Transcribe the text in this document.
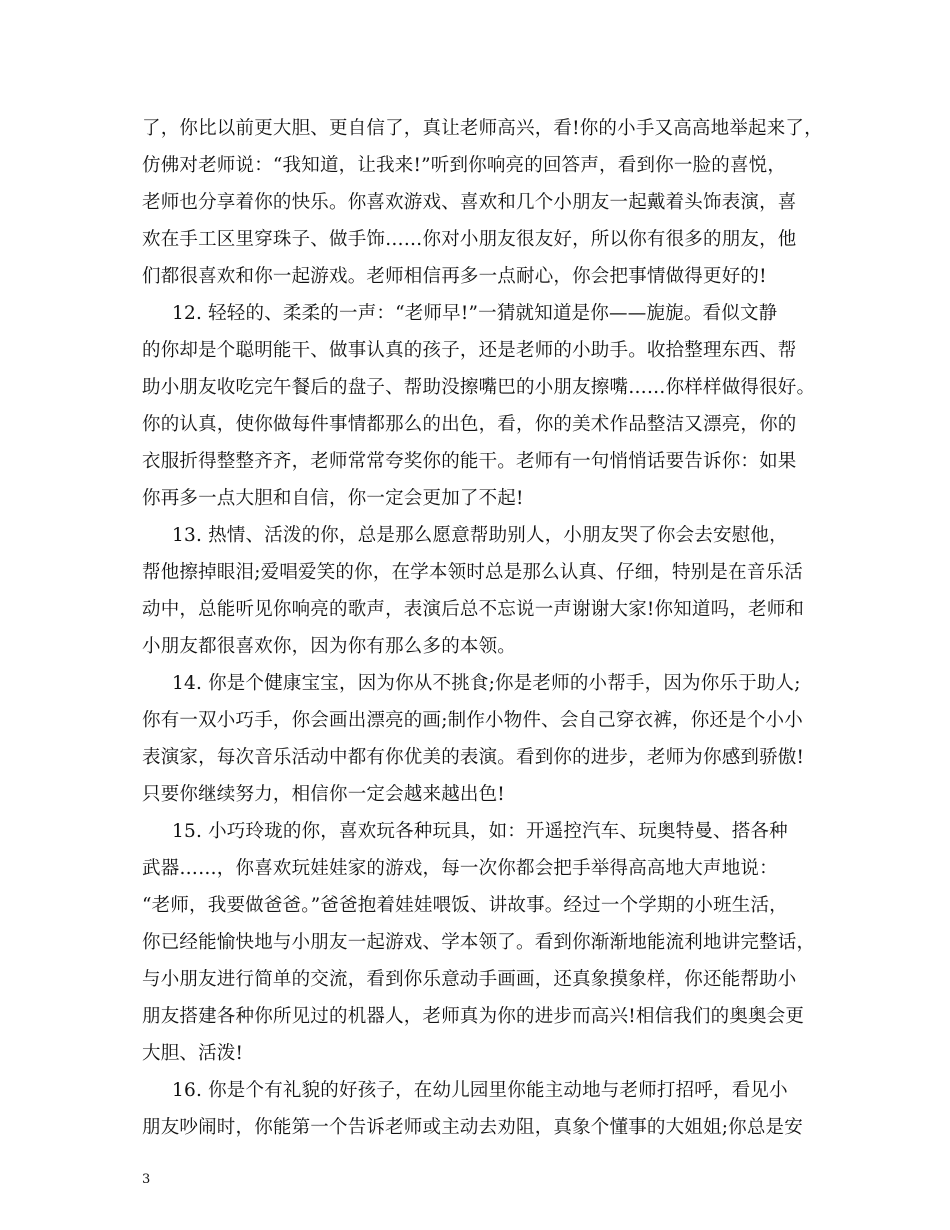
了，你比以前更大胆、更自信了，真让老师高兴，看!你的小手又高高地举起来了，
仿佛对老师说：“我知道，让我来!”听到你响亮的回答声，看到你一脸的喜悦，
老师也分享着你的快乐。你喜欢游戏、喜欢和几个小朋友一起戴着头饰表演，喜
欢在手工区里穿珠子、做手饰……你对小朋友很友好，所以你有很多的朋友，他
们都很喜欢和你一起游戏。老师相信再多一点耐心，你会把事情做得更好的!
12. 轻轻的、柔柔的一声：“老师早!”一猜就知道是你——旎旎。看似文静
的你却是个聪明能干、做事认真的孩子，还是老师的小助手。收拾整理东西、帮
助小朋友收吃完午餐后的盘子、帮助没擦嘴巴的小朋友擦嘴……你样样做得很好。
你的认真，使你做每件事情都那么的出色，看，你的美术作品整洁又漂亮，你的
衣服折得整整齐齐，老师常常夸奖你的能干。老师有一句悄悄话要告诉你：如果
你再多一点大胆和自信，你一定会更加了不起!
13. 热情、活泼的你，总是那么愿意帮助别人，小朋友哭了你会去安慰他，
帮他擦掉眼泪;爱唱爱笑的你，在学本领时总是那么认真、仔细，特别是在音乐活
动中，总能听见你响亮的歌声，表演后总不忘说一声谢谢大家!你知道吗，老师和
小朋友都很喜欢你，因为你有那么多的本领。
14. 你是个健康宝宝，因为你从不挑食;你是老师的小帮手，因为你乐于助人;
你有一双小巧手，你会画出漂亮的画;制作小物件、会自己穿衣裤，你还是个小小
表演家，每次音乐活动中都有你优美的表演。看到你的进步，老师为你感到骄傲!
只要你继续努力，相信你一定会越来越出色!
15. 小巧玲珑的你，喜欢玩各种玩具，如：开遥控汽车、玩奥特曼、搭各种
武器……，你喜欢玩娃娃家的游戏，每一次你都会把手举得高高地大声地说：
“老师，我要做爸爸。”爸爸抱着娃娃喂饭、讲故事。经过一个学期的小班生活，
你已经能愉快地与小朋友一起游戏、学本领了。看到你渐渐地能流利地讲完整话，
与小朋友进行简单的交流，看到你乐意动手画画，还真象摸象样，你还能帮助小
朋友搭建各种你所见过的机器人，老师真为你的进步而高兴!相信我们的奥奥会更
大胆、活泼!
16. 你是个有礼貌的好孩子，在幼儿园里你能主动地与老师打招呼，看见小
朋友吵闹时，你能第一个告诉老师或主动去劝阻，真象个懂事的大姐姐;你总是安
3
